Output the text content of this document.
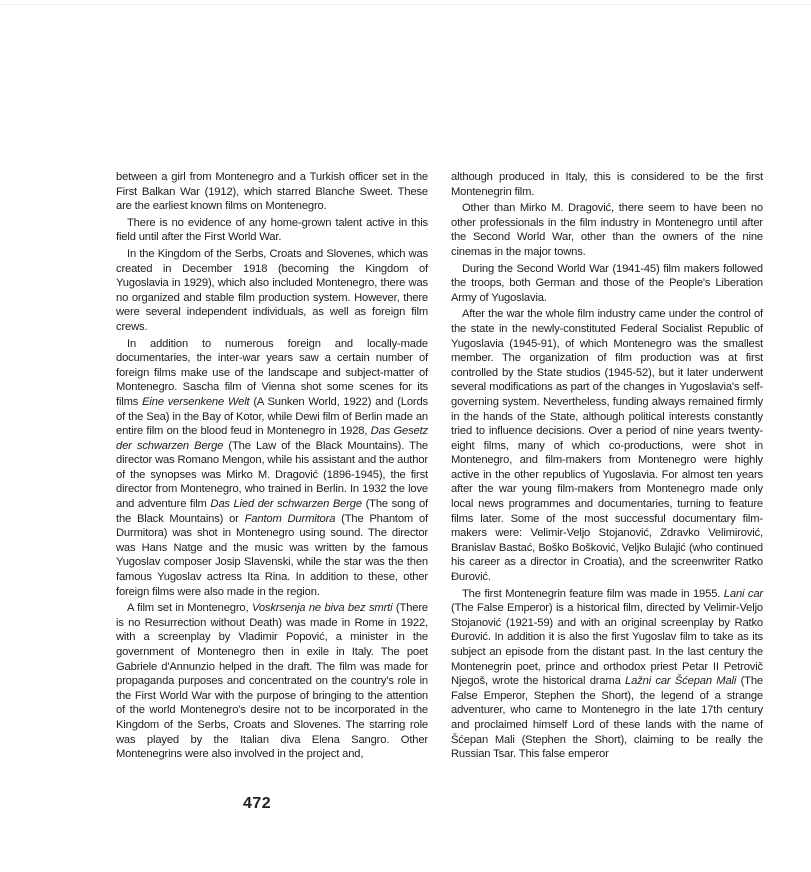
between a girl from Montenegro and a Turkish officer set in the First Balkan War (1912), which starred Blanche Sweet. These are the earliest known films on Montenegro.

There is no evidence of any home-grown talent active in this field until after the First World War.

In the Kingdom of the Serbs, Croats and Slovenes, which was created in December 1918 (becoming the Kingdom of Yugoslavia in 1929), which also included Montenegro, there was no organized and stable film production system. However, there were several independent individuals, as well as foreign film crews.

In addition to numerous foreign and locally-made documentaries, the inter-war years saw a certain number of foreign films make use of the landscape and subject-matter of Montenegro. Sascha film of Vienna shot some scenes for its films Eine versenkene Welt (A Sunken World, 1922) and (Lords of the Sea) in the Bay of Kotor, while Dewi film of Berlin made an entire film on the blood feud in Montenegro in 1928, Das Gesetz der schwarzen Berge (The Law of the Black Mountains). The director was Romano Mengon, while his assistant and the author of the synopses was Mirko M. Dragović (1896-1945), the first director from Montenegro, who trained in Berlin. In 1932 the love and adventure film Das Lied der schwarzen Berge (The song of the Black Mountains) or Fantom Durmitora (The Phantom of Durmitora) was shot in Montenegro using sound. The director was Hans Natge and the music was written by the famous Yugoslav composer Josip Slavenski, while the star was the then famous Yugoslav actress Ita Rina. In addition to these, other foreign films were also made in the region.

A film set in Montenegro, Voskrsenja ne biva bez smrti (There is no Resurrection without Death) was made in Rome in 1922, with a screenplay by Vladimir Popović, a minister in the government of Montenegro then in exile in Italy. The poet Gabriele d'Annunzio helped in the draft. The film was made for propaganda purposes and concentrated on the country's role in the First World War with the purpose of bringing to the attention of the world Montenegro's desire not to be incorporated in the Kingdom of the Serbs, Croats and Slovenes. The starring role was played by the Italian diva Elena Sangro. Other Montenegrins were also involved in the project and,

although produced in Italy, this is considered to be the first Montenegrin film.

Other than Mirko M. Dragović, there seem to have been no other professionals in the film industry in Montenegro until after the Second World War, other than the owners of the nine cinemas in the major towns.

During the Second World War (1941-45) film makers followed the troops, both German and those of the People's Liberation Army of Yugoslavia.

After the war the whole film industry came under the control of the state in the newly-constituted Federal Socialist Republic of Yugoslavia (1945-91), of which Montenegro was the smallest member. The organization of film production was at first controlled by the State studios (1945-52), but it later underwent several modifications as part of the changes in Yugoslavia's self-governing system. Nevertheless, funding always remained firmly in the hands of the State, although political interests constantly tried to influence decisions. Over a period of nine years twenty-eight films, many of which co-productions, were shot in Montenegro, and film-makers from Montenegro were highly active in the other republics of Yugoslavia. For almost ten years after the war young film-makers from Montenegro made only local news programmes and documentaries, turning to feature films later. Some of the most successful documentary film-makers were: Velimir-Veljo Stojanović, Zdravko Velimirović, Branislav Bastać, Boško Bošković, Veljko Bulajić (who continued his career as a director in Croatia), and the screenwriter Ratko Đurović.

The first Montenegrin feature film was made in 1955. Lani car (The False Emperor) is a historical film, directed by Velimir-Veljo Stojanović (1921-59) and with an original screenplay by Ratko Đurović. In addition it is also the first Yugoslav film to take as its subject an episode from the distant past. In the last century the Montenegrin poet, prince and orthodox priest Petar II Petrovič Njegoš, wrote the historical drama Lažni car Šćepan Mali (The False Emperor, Stephen the Short), the legend of a strange adventurer, who came to Montenegro in the late 17th century and proclaimed himself Lord of these lands with the name of Šćepan Mali (Stephen the Short), claiming to be really the Russian Tsar. This false emperor

472
